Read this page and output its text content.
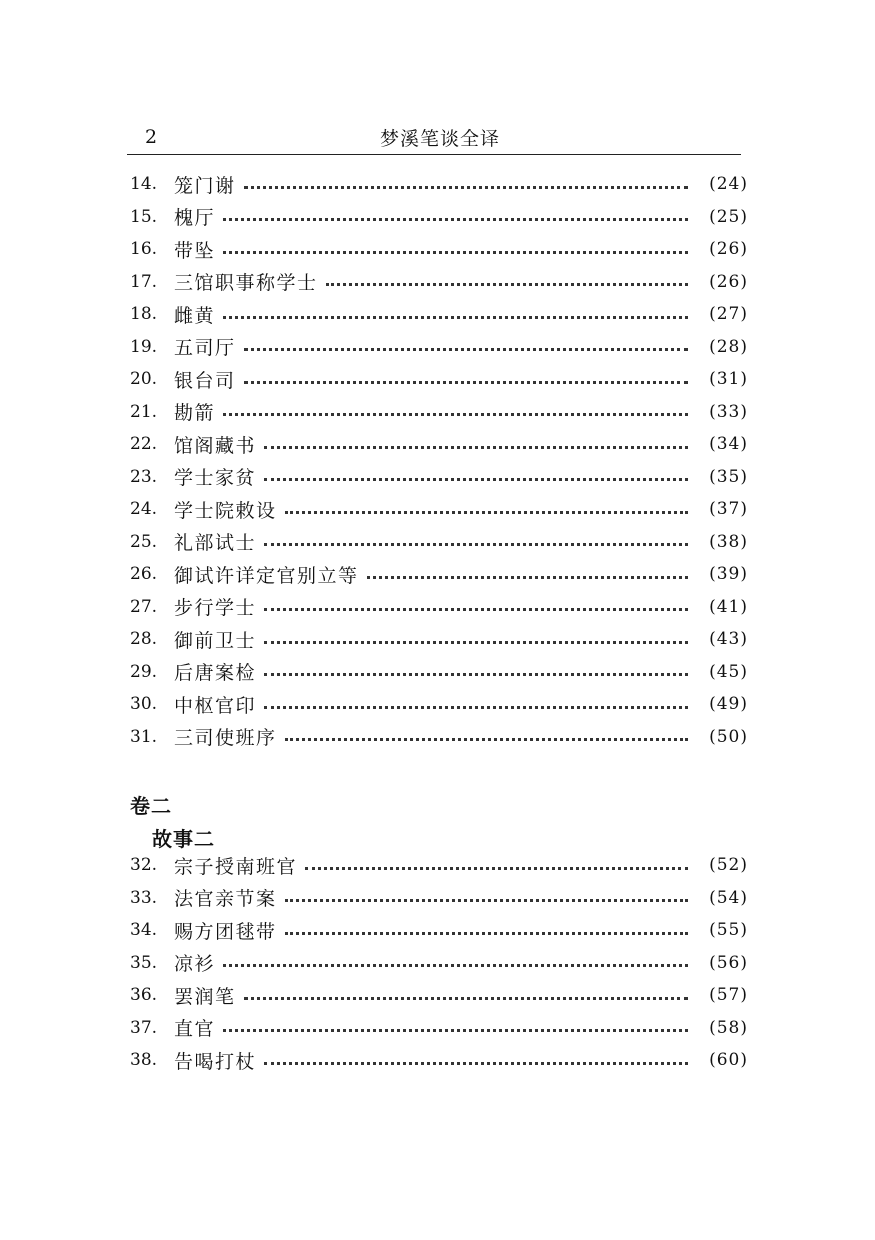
2	梦溪笔谈全译
14. 笼门谢	(24)
15. 槐厅	(25)
16. 带坠	(26)
17. 三馆职事称学士	(26)
18. 雌黄	(27)
19. 五司厅	(28)
20. 银台司	(31)
21. 勘箭	(33)
22. 馆阁藏书	(34)
23. 学士家贫	(35)
24. 学士院敕设	(37)
25. 礼部试士	(38)
26. 御试许详定官别立等	(39)
27. 步行学士	(41)
28. 御前卫士	(43)
29. 后唐案检	(45)
30. 中枢官印	(49)
31. 三司使班序	(50)
卷二
故事二
32. 宗子授南班官	(52)
33. 法官亲节案	(54)
34. 赐方团毬带	(55)
35. 凉衫	(56)
36. 罢润笔	(57)
37. 直官	(58)
38. 告喝打杖	(60)
